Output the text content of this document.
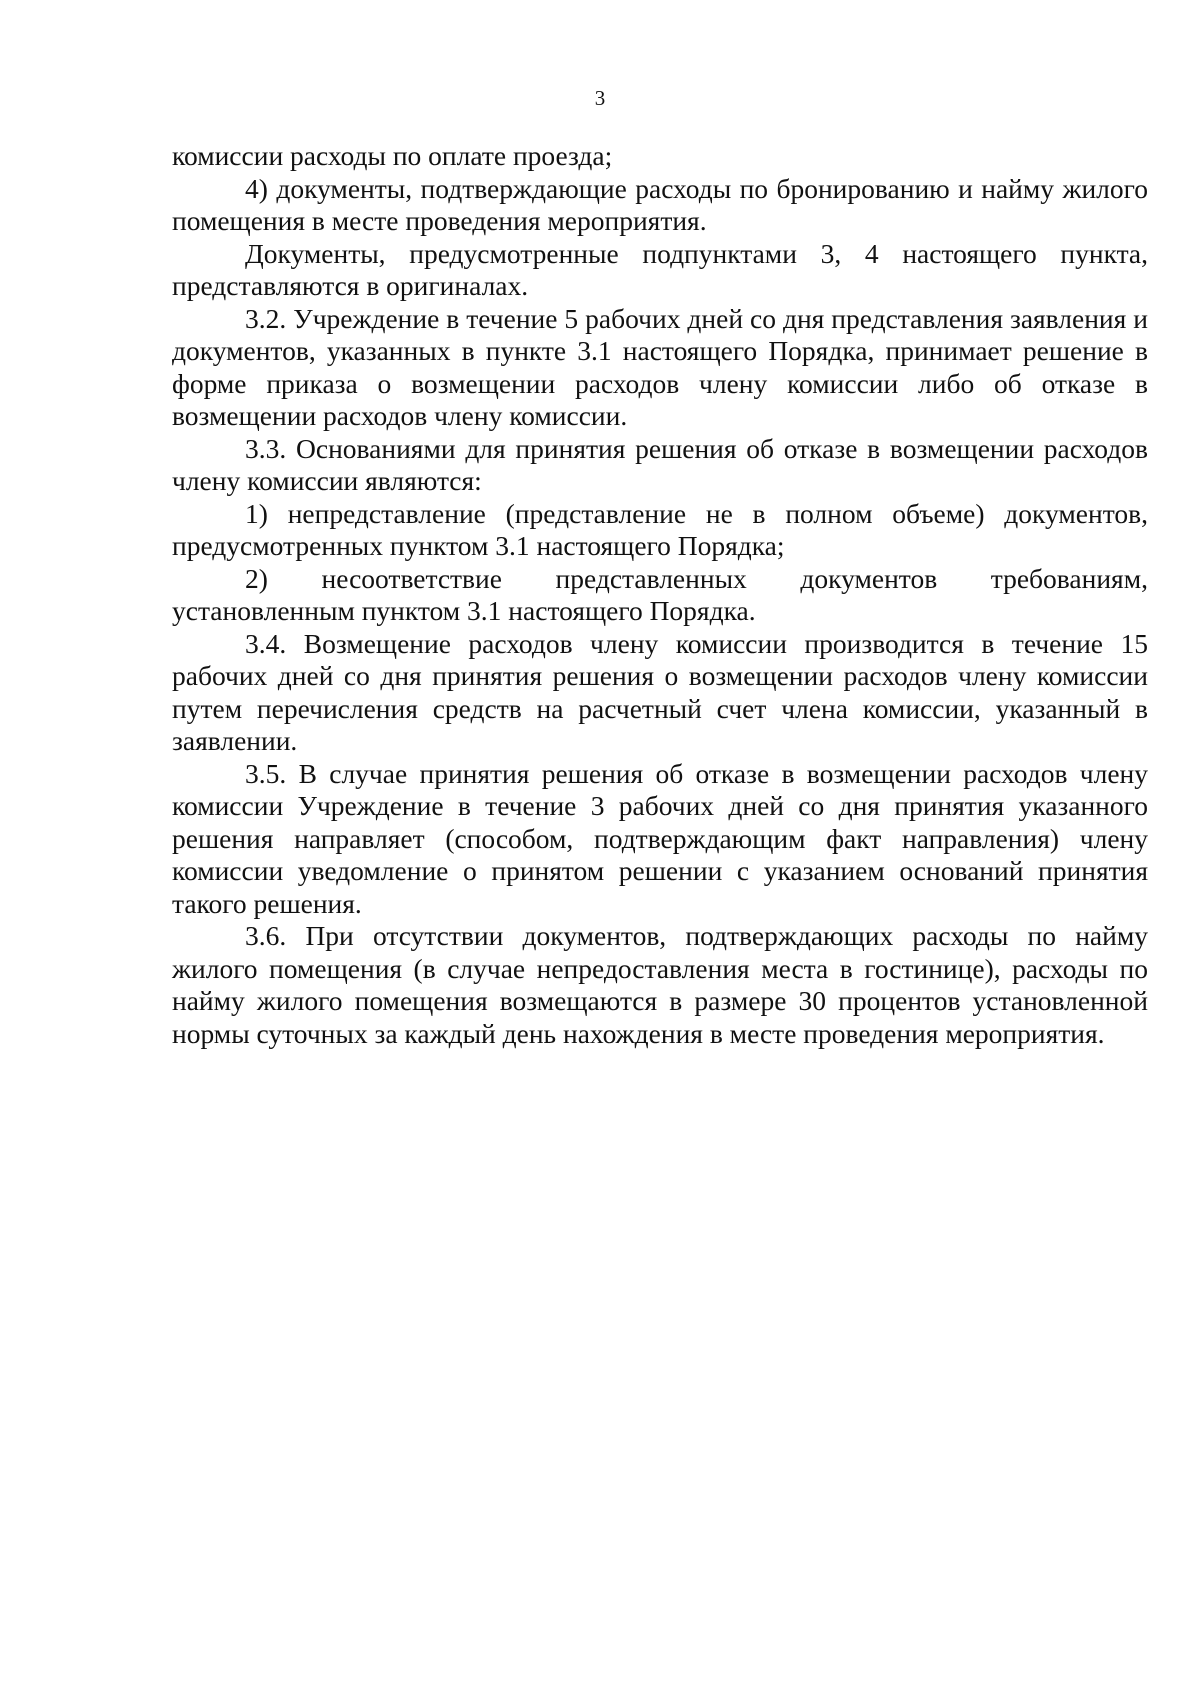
3

комиссии расходы по оплате проезда;

4) документы, подтверждающие расходы по бронированию и найму жилого помещения в месте проведения мероприятия.

Документы, предусмотренные подпунктами 3, 4 настоящего пункта, представляются в оригиналах.

3.2. Учреждение в течение 5 рабочих дней со дня представления заявления и документов, указанных в пункте 3.1 настоящего Порядка, принимает решение в форме приказа о возмещении расходов члену комиссии либо об отказе в возмещении расходов члену комиссии.

3.3. Основаниями для принятия решения об отказе в возмещении расходов члену комиссии являются:

1) непредставление (представление не в полном объеме) документов, предусмотренных пунктом 3.1 настоящего Порядка;

2) несоответствие представленных документов требованиям, установленным пунктом 3.1 настоящего Порядка.

3.4. Возмещение расходов члену комиссии производится в течение 15 рабочих дней со дня принятия решения о возмещении расходов члену комиссии путем перечисления средств на расчетный счет члена комиссии, указанный в заявлении.

3.5. В случае принятия решения об отказе в возмещении расходов члену комиссии Учреждение в течение 3 рабочих дней со дня принятия указанного решения направляет (способом, подтверждающим факт направления) члену комиссии уведомление о принятом решении с указанием оснований принятия такого решения.

3.6. При отсутствии документов, подтверждающих расходы по найму жилого помещения (в случае непредоставления места в гостинице), расходы по найму жилого помещения возмещаются в размере 30 процентов установленной нормы суточных за каждый день нахождения в месте проведения мероприятия.
